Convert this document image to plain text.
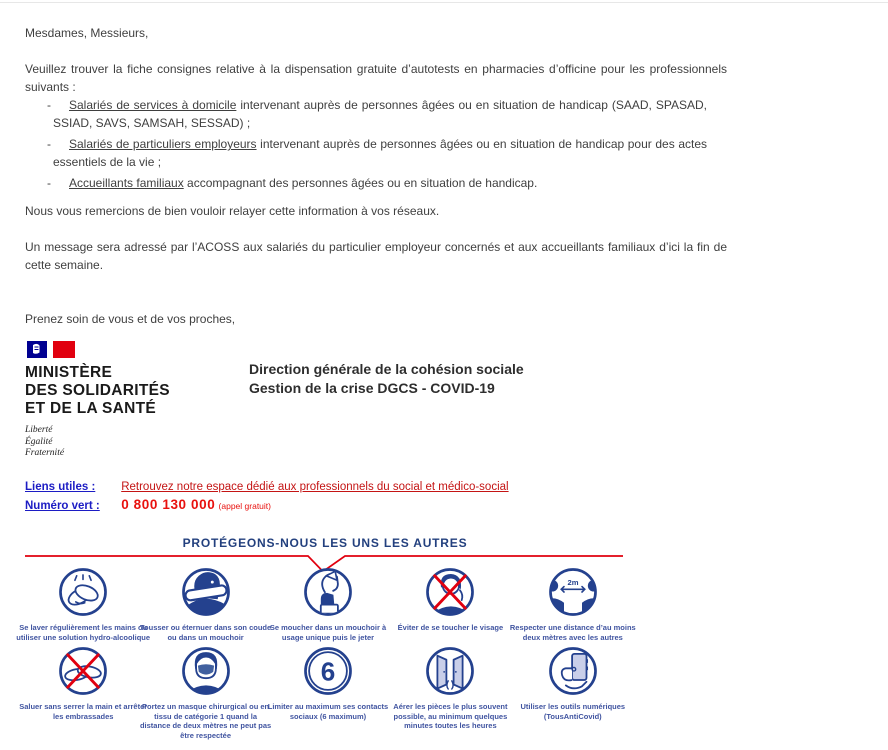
Mesdames, Messieurs,
Veuillez trouver la fiche consignes relative à la dispensation gratuite d’autotests en pharmacies d’officine pour les professionnels suivants :
- Salariés de services à domicile intervenant auprès de personnes âgées ou en situation de handicap (SAAD, SPASAD, SSIAD, SAVS, SAMSAH, SESSAD) ;
- Salariés de particuliers employeurs intervenant auprès de personnes âgées ou en situation de handicap pour des actes essentiels de la vie ;
- Accueillants familiaux accompagnant des personnes âgées ou en situation de handicap.
Nous vous remercions de bien vouloir relayer cette information à vos réseaux.
Un message sera adressé par l’ACOSS aux salariés du particulier employeur concernés et aux accueillants familiaux d’ici la fin de cette semaine.
Prenez soin de vous et de vos proches,
MINISTÈRE
DES SOLIDARITÉS
ET DE LA SANTÉ
Liberté
Égalité
Fraternité
Direction générale de la cohésion sociale
Gestion de la crise DGCS - COVID-19
Liens utiles : Retrouvez notre espace dédié aux professionnels du social et médico-social
Numéro vert : 0 800 130 000 (appel gratuit)
PROTÉGEONS-NOUS LES UNS LES AUTRES
Se laver régulièrement les mains ou utiliser une solution hydro-alcoolique
Tousser ou éternuer dans son coude ou dans un mouchoir
Se moucher dans un mouchoir à usage unique puis le jeter
Éviter de se toucher le visage
2m
Respecter une distance d’au moins deux mètres avec les autres
Saluer sans serrer la main et arrêter les embrassades
Portez un masque chirurgical ou en tissu de catégorie 1 quand la distance de deux mètres ne peut pas être respectée
6
Limiter au maximum ses contacts sociaux (6 maximum)
Aérer les pièces le plus souvent possible, au minimum quelques minutes toutes les heures
Utiliser les outils numériques (TousAntiCovid)
